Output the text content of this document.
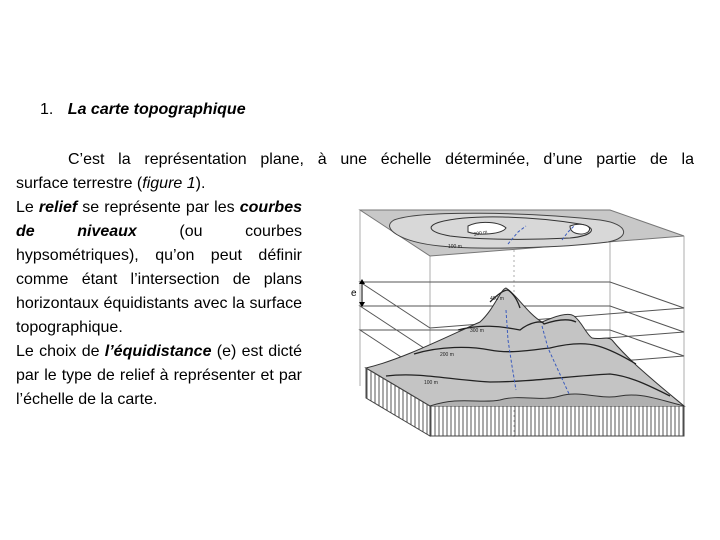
1. La carte topographique
C’est la représentation plane, à une échelle déterminée, d’une partie de la
surface terrestre (figure 1).

Le relief se représente par les courbes de niveaux (ou courbes hypsométriques), qu’on peut définir comme étant l’intersection de plans horizontaux équidistants avec la surface topographique.

Le choix de l’équidistance (e) est dicté par le type de relief à représenter et par l’échelle de la carte.

300 m
100 m
e	400 m
300 m
200 m
100 m
